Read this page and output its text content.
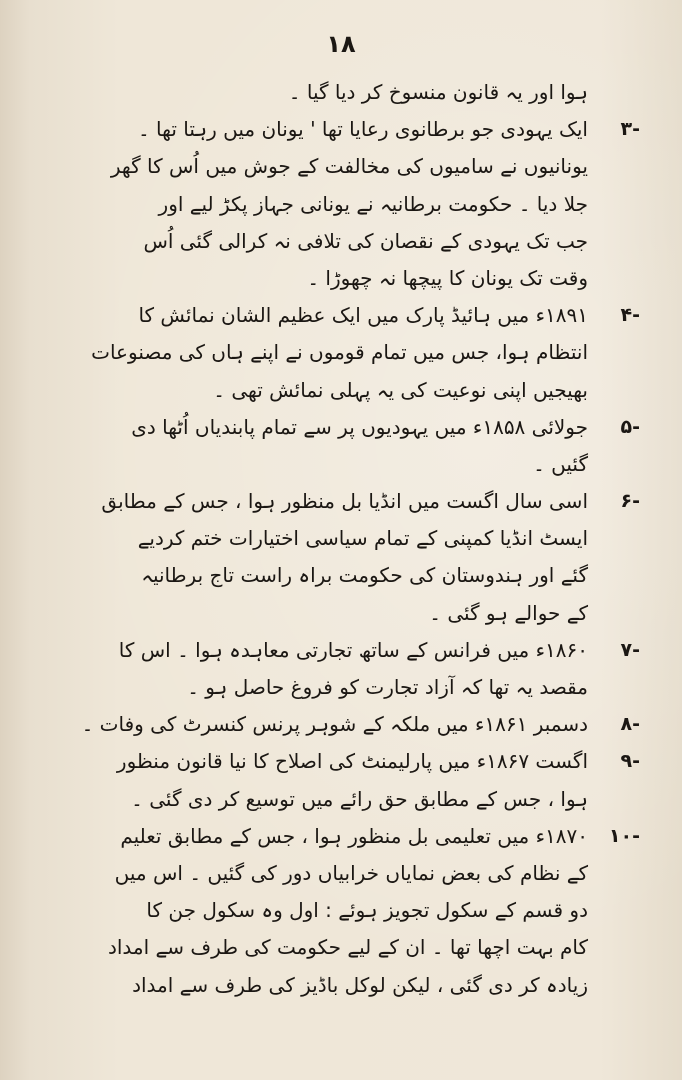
۱۸
ہوا اور یہ قانون منسوخ کر دیا گیا ۔
ایک یہودی جو برطانوی رعایا تھا ' یونان میں رہتا تھا ۔	۳-
یونانیوں نے سامیوں کی مخالفت کے جوش میں اُس کا گھر
جلا دیا ۔ حکومت برطانیہ نے یونانی جہاز پکڑ لیے اور
جب تک یہودی کے نقصان کی تلافی نہ کرالی گئی اُس
وقت تک یونان کا پیچھا نہ چھوڑا ۔
۱۸۹۱ء میں ہائیڈ پارک میں ایک عظیم الشان نمائش کا	۴-
انتظام ہوا، جس میں تمام قوموں نے اپنے ہاں کی مصنوعات
بھیجیں اپنی نوعیت کی یہ پہلی نمائش تھی ۔
جولائی ۱۸۵۸ء میں یہودیوں پر سے تمام پابندیاں اُٹھا دی	۵-
گئیں ۔
اسی سال اگست میں انڈیا بل منظور ہوا ، جس کے مطابق	۶-
ایسٹ انڈیا کمپنی کے تمام سیاسی اختیارات ختم کردیے
گئے اور ہندوستان کی حکومت براہ راست تاج برطانیہ
کے حوالے ہو گئی ۔
۱۸۶۰ء میں فرانس کے ساتھ تجارتی معاہدہ ہوا ۔ اس کا	۷-
مقصد یہ تھا کہ آزاد تجارت کو فروغ حاصل ہو ۔
دسمبر ۱۸۶۱ء میں ملکہ کے شوہر پرنس کنسرٹ کی وفات ۔	۸-
اگست ۱۸۶۷ء میں پارلیمنٹ کی اصلاح کا نیا قانون منظور	۹-
ہوا ، جس کے مطابق حق رائے میں توسیع کر دی گئی ۔
۱۸۷۰ء میں تعلیمی بل منظور ہوا ، جس کے مطابق تعلیم	۱۰-
کے نظام کی بعض نمایاں خرابیاں دور کی گئیں ۔ اس میں
دو قسم کے سکول تجویز ہوئے : اول وہ سکول جن کا
کام بہت اچھا تھا ۔ ان کے لیے حکومت کی طرف سے امداد
زیادہ کر دی گئی ، لیکن لوکل باڈیز کی طرف سے امداد
